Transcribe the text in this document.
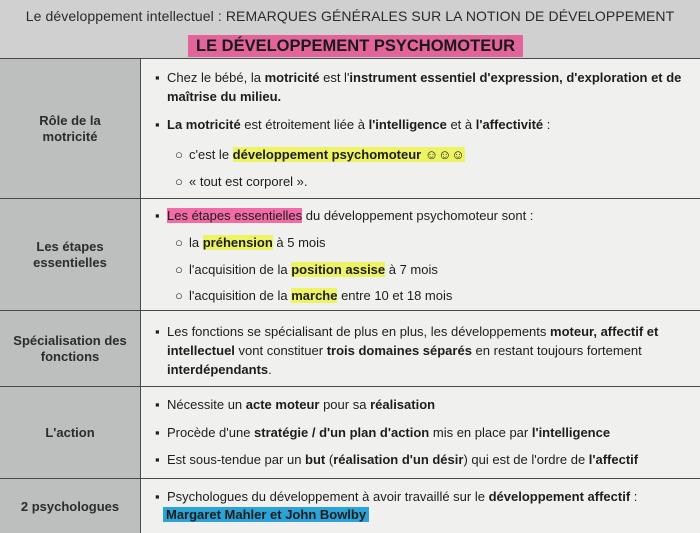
Le développement intellectuel : REMARQUES GÉNÉRALES SUR LA NOTION DE DÉVELOPPEMENT
LE DÉVELOPPEMENT PSYCHOMOTEUR
Rôle de la
motricité
▪ Chez le bébé, la motricité est l'instrument essentiel d'expression, d'exploration et de
maîtrise du milieu.
▪ La motricité est étroitement liée à l'intelligence et à l'affectivité :
○ c'est le développement psychomoteur ☺☺☺
○ « tout est corporel ».
Les étapes
essentielles
▪ Les étapes essentielles du développement psychomoteur sont :
○ la préhension à 5 mois
○ l'acquisition de la position assise à 7 mois
○ l'acquisition de la marche entre 10 et 18 mois
Spécialisation des
fonctions
▪ Les fonctions se spécialisant de plus en plus, les développements moteur, affectif et
intellectuel vont constituer trois domaines séparés en restant toujours fortement
interdépendants.
L'action
▪ Nécessite un acte moteur pour sa réalisation
▪ Procède d'une stratégie / d'un plan d'action mis en place par l'intelligence
▪ Est sous-tendue par un but (réalisation d'un désir) qui est de l'ordre de l'affectif
2 psychologues
▪ Psychologues du développement à avoir travaillé sur le développement affectif :
Margaret Mahler et John Bowlby
